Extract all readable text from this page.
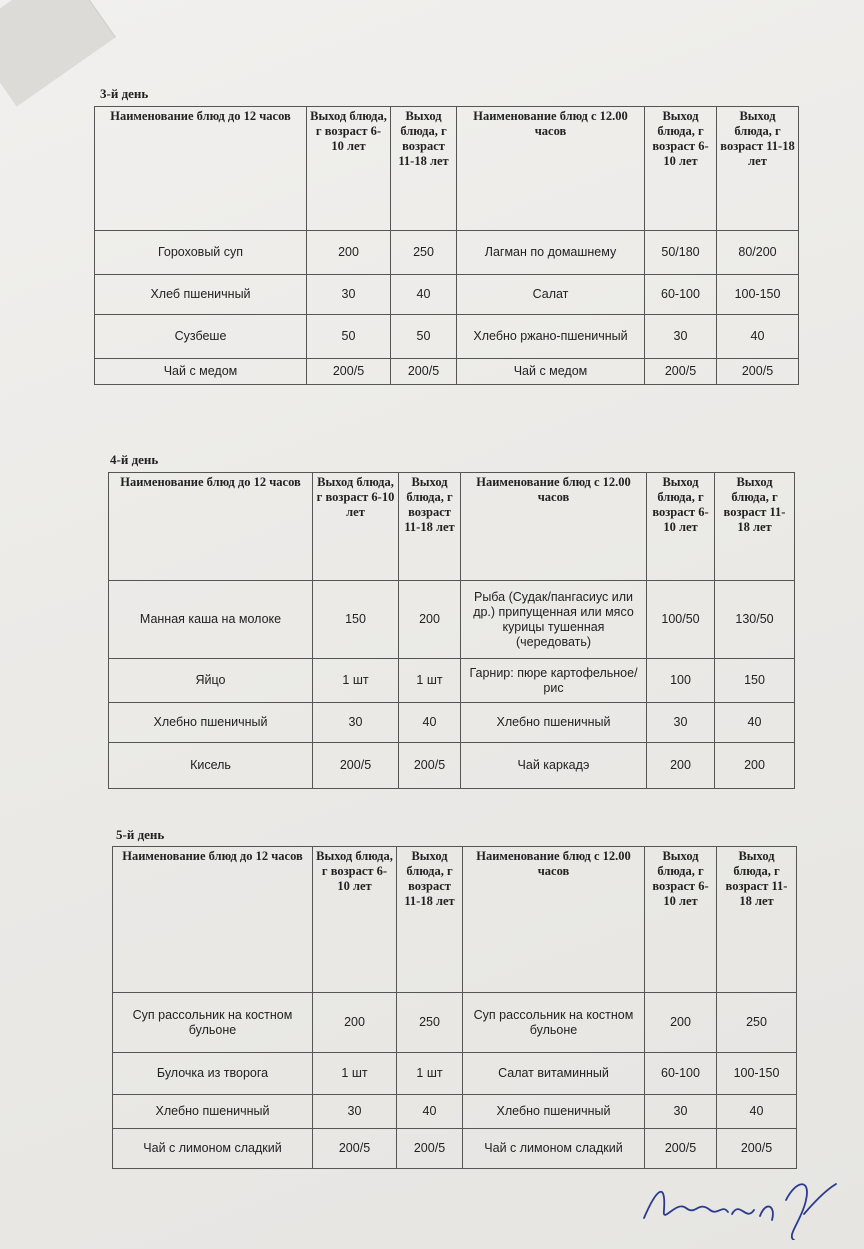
3-й день

Наименование блюд до 12 часов	Выход блюда, г возраст 6-10 лет	Выход блюда, г возраст 11-18 лет	Наименование блюд с 12.00 часов	Выход блюда, г возраст 6-10 лет	Выход блюда, г возраст 11-18 лет
Гороховый суп	200	250	Лагман по домашнему	50/180	80/200
Хлеб пшеничный	30	40	Салат	60-100	100-150
Сузбеше	50	50	Хлебно ржано-пшеничный	30	40
Чай с медом	200/5	200/5	Чай с медом	200/5	200/5

4-й день

Наименование блюд до 12 часов	Выход блюда, г возраст 6-10 лет	Выход блюда, г возраст 11-18 лет	Наименование блюд с 12.00 часов	Выход блюда, г возраст 6-10 лет	Выход блюда, г возраст 11-18 лет
Манная каша на молоке	150	200	Рыба (Судак/пангасиус или др.) припущенная или мясо курицы тушенная (чередовать)	100/50	130/50
Яйцо	1 шт	1 шт	Гарнир: пюре картофельное/рис	100	150
Хлебно пшеничный	30	40	Хлебно пшеничный	30	40
Кисель	200/5	200/5	Чай каркадэ	200	200

5-й день

Наименование блюд до 12 часов	Выход блюда, г возраст 6-10 лет	Выход блюда, г возраст 11-18 лет	Наименование блюд с 12.00 часов	Выход блюда, г возраст 6-10 лет	Выход блюда, г возраст 11-18 лет
Суп рассольник на костном бульоне	200	250	Суп рассольник на костном бульоне	200	250
Булочка из творога	1 шт	1 шт	Салат витаминный	60-100	100-150
Хлебно пшеничный	30	40	Хлебно пшеничный	30	40
Чай с лимоном сладкий	200/5	200/5	Чай с лимоном сладкий	200/5	200/5
